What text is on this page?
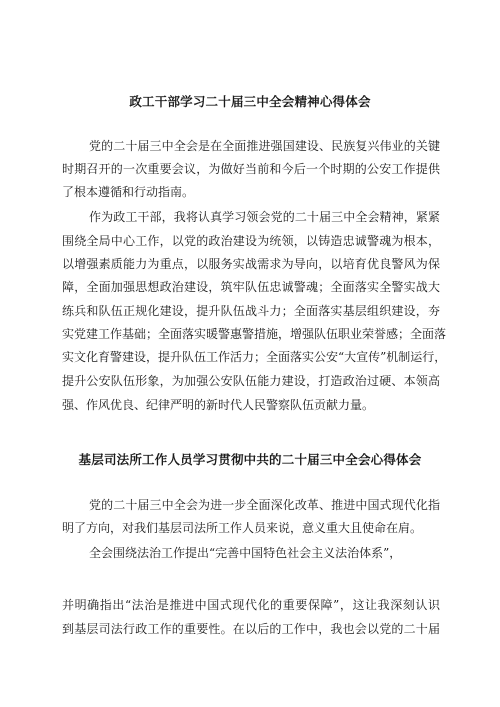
政工干部学习二十届三中全会精神心得体会
党的二十届三中全会是在全面推进强国建设、民族复兴伟业的关键
时期召开的一次重要会议，为做好当前和今后一个时期的公安工作提供
了根本遵循和行动指南。
作为政工干部，我将认真学习领会党的二十届三中全会精神，紧紧
围绕全局中心工作，以党的政治建设为统领，以铸造忠诚警魂为根本，
以增强素质能力为重点，以服务实战需求为导向，以培育优良警风为保
障，全面加强思想政治建设，筑牢队伍忠诚警魂；全面落实全警实战大
练兵和队伍正规化建设，提升队伍战斗力；全面落实基层组织建设，夯
实党建工作基础；全面落实暖警惠警措施，增强队伍职业荣誉感；全面落
实文化育警建设，提升队伍工作活力；全面落实公安“大宣传”机制运行，
提升公安队伍形象，为加强公安队伍能力建设，打造政治过硬、本领高
强、作风优良、纪律严明的新时代人民警察队伍贡献力量。
基层司法所工作人员学习贯彻中共的二十届三中全会心得体会
党的二十届三中全会为进一步全面深化改革、推进中国式现代化指
明了方向，对我们基层司法所工作人员来说，意义重大且使命在肩。
全会围绕法治工作提出“完善中国特色社会主义法治体系”，
并明确指出“法治是推进中国式现代化的重要保障”，这让我深刻认识
到基层司法行政工作的重要性。在以后的工作中，我也会以党的二十届
